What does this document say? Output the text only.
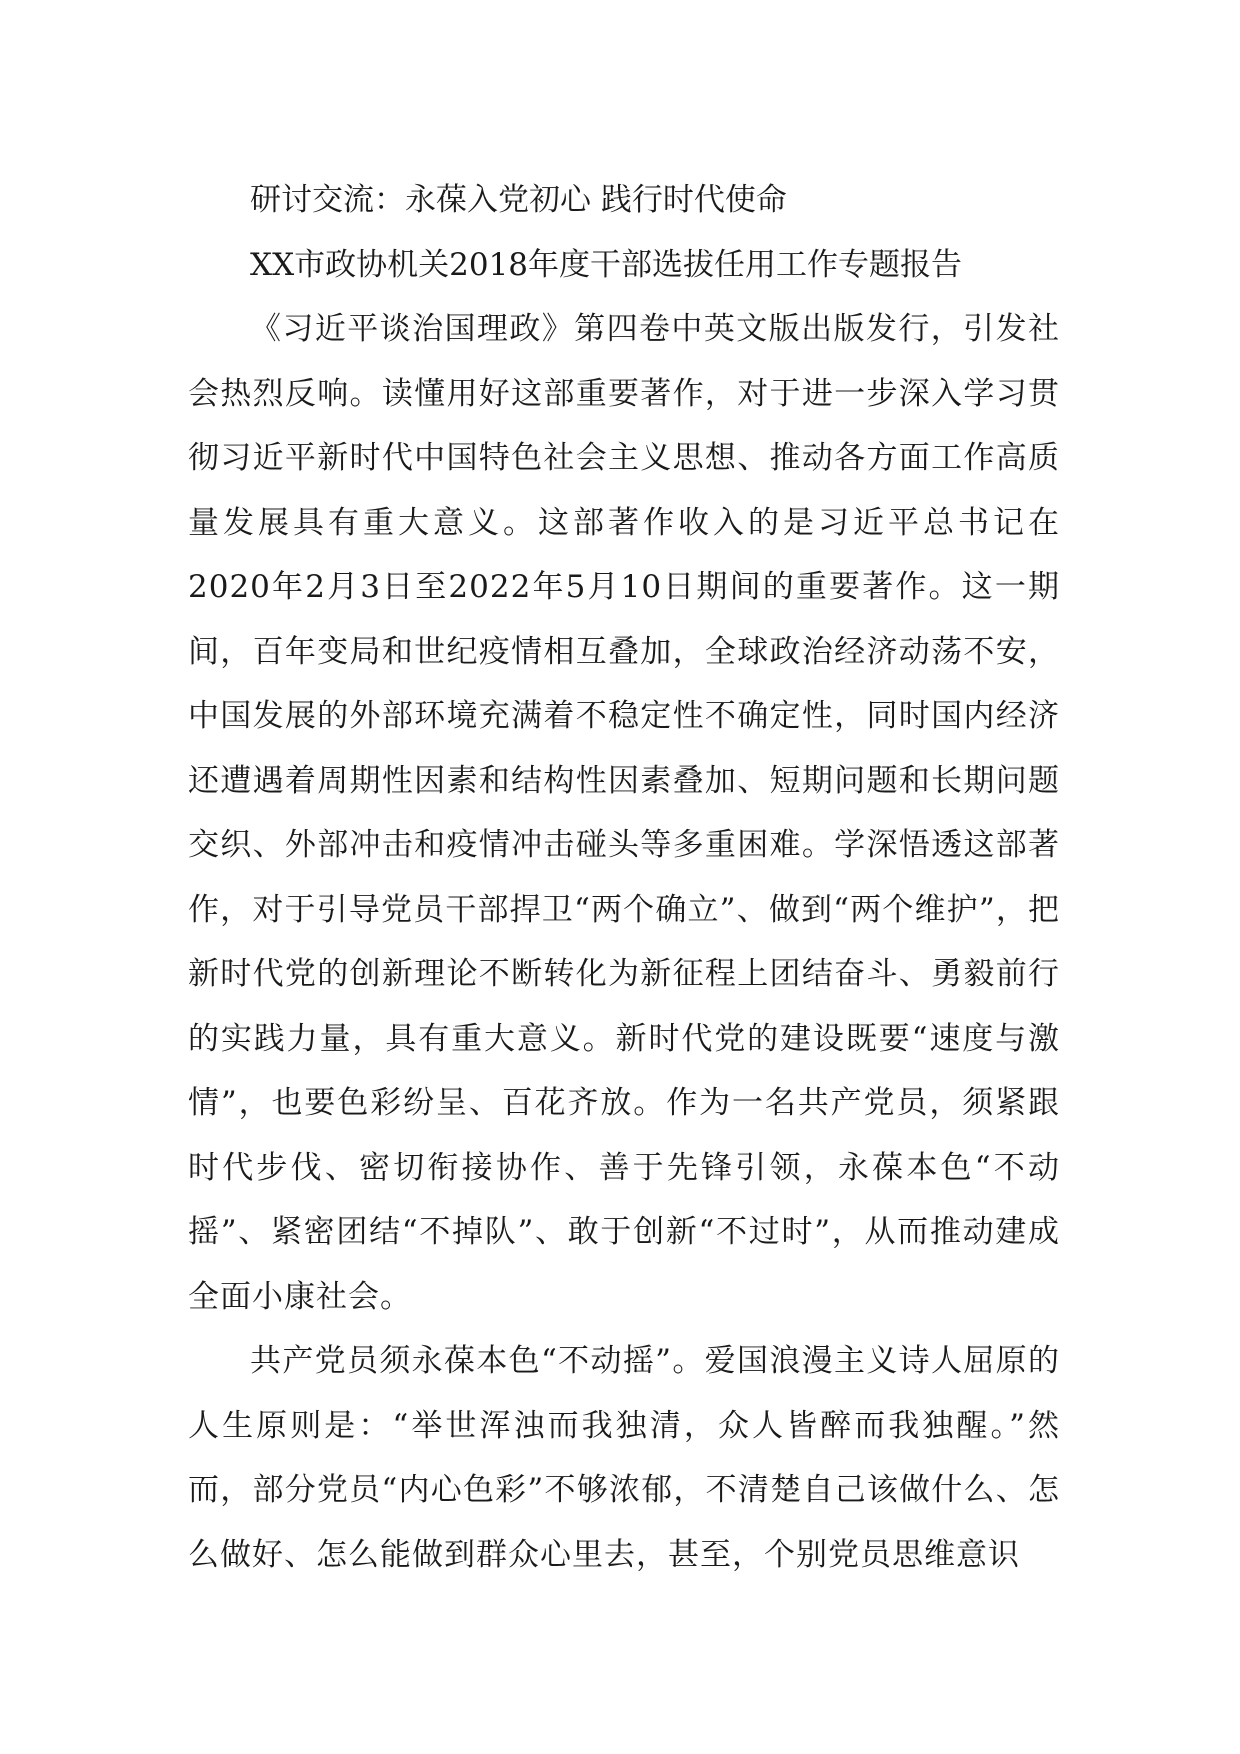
研讨交流：永葆入党初心 践行时代使命

XX市政协机关2018年度干部选拔任用工作专题报告

《习近平谈治国理政》第四卷中英文版出版发行，引发社会热烈反响。读懂用好这部重要著作，对于进一步深入学习贯彻习近平新时代中国特色社会主义思想、推动各方面工作高质量发展具有重大意义。这部著作收入的是习近平总书记在2020年2月3日至2022年5月10日期间的重要著作。这一期间，百年变局和世纪疫情相互叠加，全球政治经济动荡不安，中国发展的外部环境充满着不稳定性不确定性，同时国内经济还遭遇着周期性因素和结构性因素叠加、短期问题和长期问题交织、外部冲击和疫情冲击碰头等多重困难。学深悟透这部著作，对于引导党员干部捍卫“两个确立”、做到“两个维护”，把新时代党的创新理论不断转化为新征程上团结奋斗、勇毅前行的实践力量，具有重大意义。新时代党的建设既要“速度与激情”，也要色彩纷呈、百花齐放。作为一名共产党员，须紧跟时代步伐、密切衔接协作、善于先锋引领，永葆本色“不动摇”、紧密团结“不掉队”、敢于创新“不过时”，从而推动建成全面小康社会。

共产党员须永葆本色“不动摇”。爱国浪漫主义诗人屈原的人生原则是：“举世浑浊而我独清，众人皆醉而我独醒。”然而，部分党员“内心色彩”不够浓郁，不清楚自己该做什么、怎么做好、怎么能做到群众心里去，甚至，个别党员思维意识
